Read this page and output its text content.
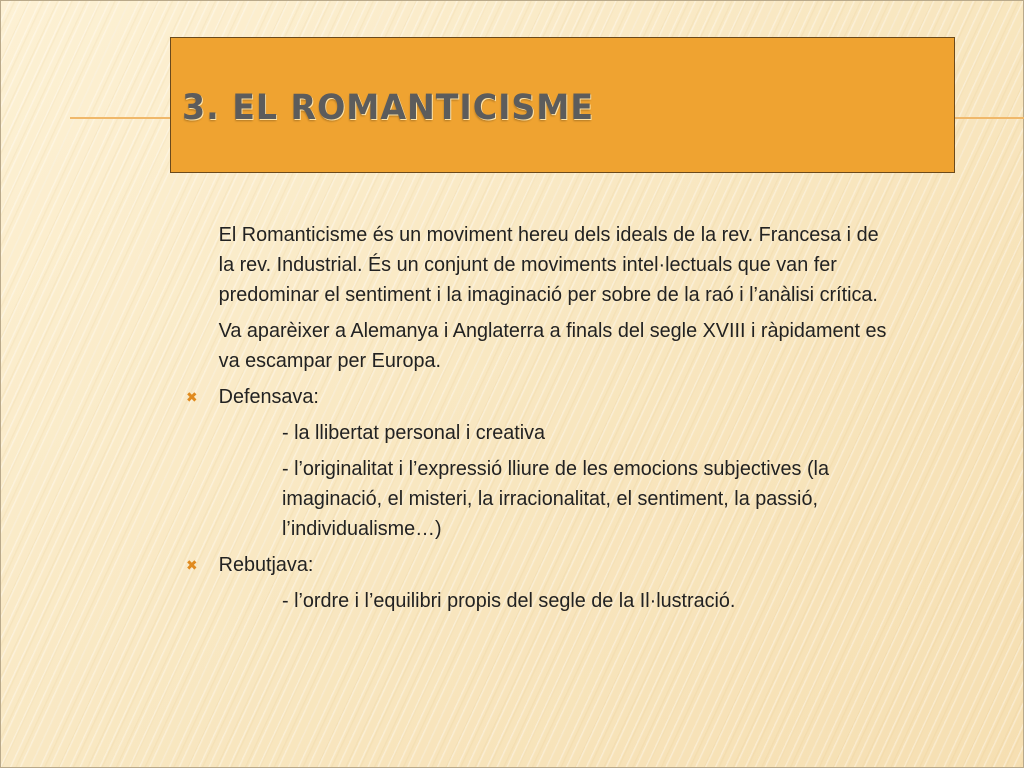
3. EL ROMANTICISME

El Romanticisme és un moviment hereu dels ideals de la rev. Francesa i de la rev. Industrial. És un conjunt de moviments intel·lectuals que van fer predominar el sentiment i la imaginació per sobre de la raó i l’anàlisi crítica.

Va aparèixer a Alemanya i Anglaterra a finals del segle XVIII i ràpidament es va escampar per Europa.

✖ Defensava:

- la llibertat personal i creativa

- l’originalitat i l’expressió lliure de les emocions subjectives (la imaginació, el misteri, la irracionalitat, el sentiment, la passió, l’individualisme…)

✖ Rebutjava:

- l’ordre i l’equilibri propis del segle de la Il·lustració.
